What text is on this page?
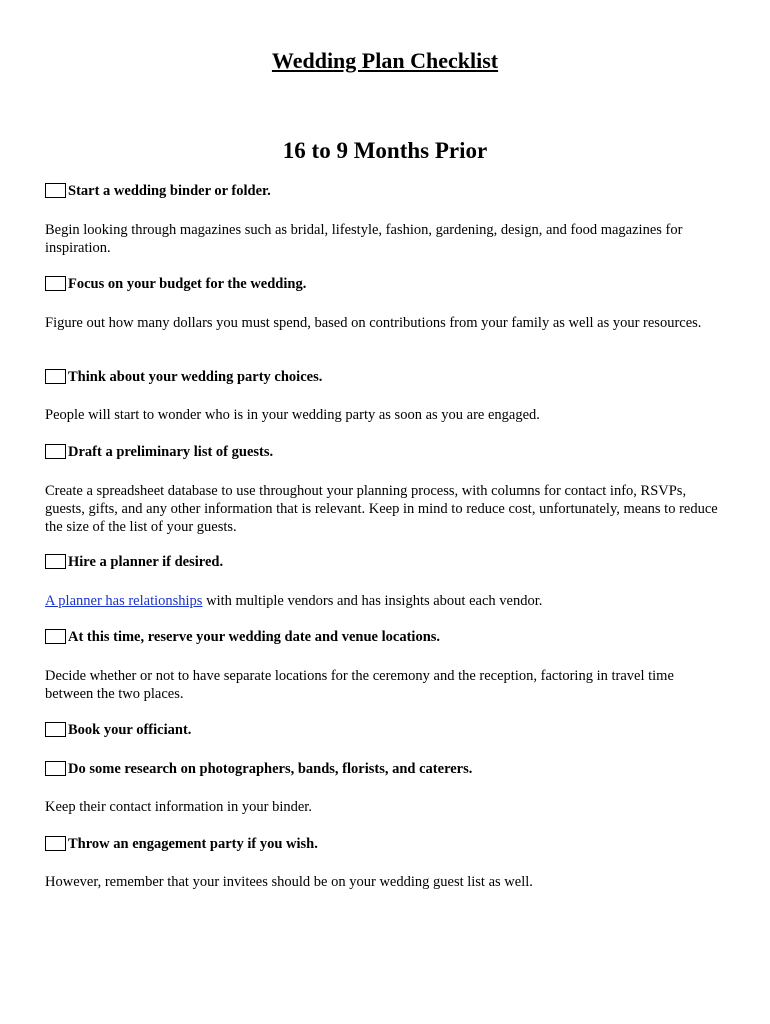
Wedding Plan Checklist
16 to 9 Months Prior
Start a wedding binder or folder.

Begin looking through magazines such as bridal, lifestyle, fashion, gardening, design, and food magazines for inspiration.

Focus on your budget for the wedding.

Figure out how many dollars you must spend, based on contributions from your family as well as your resources.

Think about your wedding party choices.

People will start to wonder who is in your wedding party as soon as you are engaged.

Draft a preliminary list of guests.

Create a spreadsheet database to use throughout your planning process, with columns for contact info, RSVPs, guests, gifts, and any other information that is relevant. Keep in mind to reduce cost, unfortunately, means to reduce the size of the list of your guests.

Hire a planner if desired.

A planner has relationships with multiple vendors and has insights about each vendor.

At this time, reserve your wedding date and venue locations.

Decide whether or not to have separate locations for the ceremony and the reception, factoring in travel time between the two places.

Book your officiant.
Do some research on photographers, bands, florists, and caterers.

Keep their contact information in your binder.

Throw an engagement party if you wish.

However, remember that your invitees should be on your wedding guest list as well.
